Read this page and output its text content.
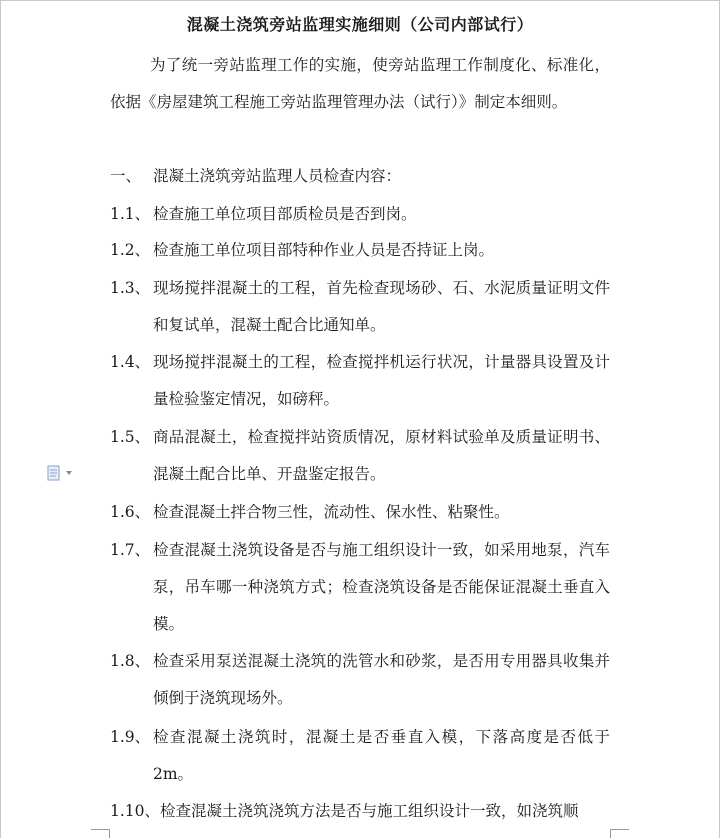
混凝土浇筑旁站监理实施细则（公司内部试行）
为了统一旁站监理工作的实施，使旁站监理工作制度化、标准化，依据《房屋建筑工程施工旁站监理管理办法（试行）》制定本细则。
一、 混凝土浇筑旁站监理人员检查内容：
1.1、 检查施工单位项目部质检员是否到岗。
1.2、 检查施工单位项目部特种作业人员是否持证上岗。
1.3、 现场搅拌混凝土的工程，首先检查现场砂、石、水泥质量证明文件和复试单，混凝土配合比通知单。
1.4、 现场搅拌混凝土的工程，检查搅拌机运行状况，计量器具设置及计量检验鉴定情况，如磅秤。
1.5、 商品混凝土，检查搅拌站资质情况，原材料试验单及质量证明书、混凝土配合比单、开盘鉴定报告。
1.6、 检查混凝土拌合物三性，流动性、保水性、粘聚性。
1.7、 检查混凝土浇筑设备是否与施工组织设计一致，如采用地泵，汽车泵，吊车哪一种浇筑方式；检查浇筑设备是否能保证混凝土垂直入模。
1.8、 检查采用泵送混凝土浇筑的洗管水和砂浆，是否用专用器具收集并倾倒于浇筑现场外。
1.9、 检查混凝土浇筑时，混凝土是否垂直入模，下落高度是否低于2m。
1.10、 检查混凝土浇筑浇筑方法是否与施工组织设计一致，如浇筑顺
